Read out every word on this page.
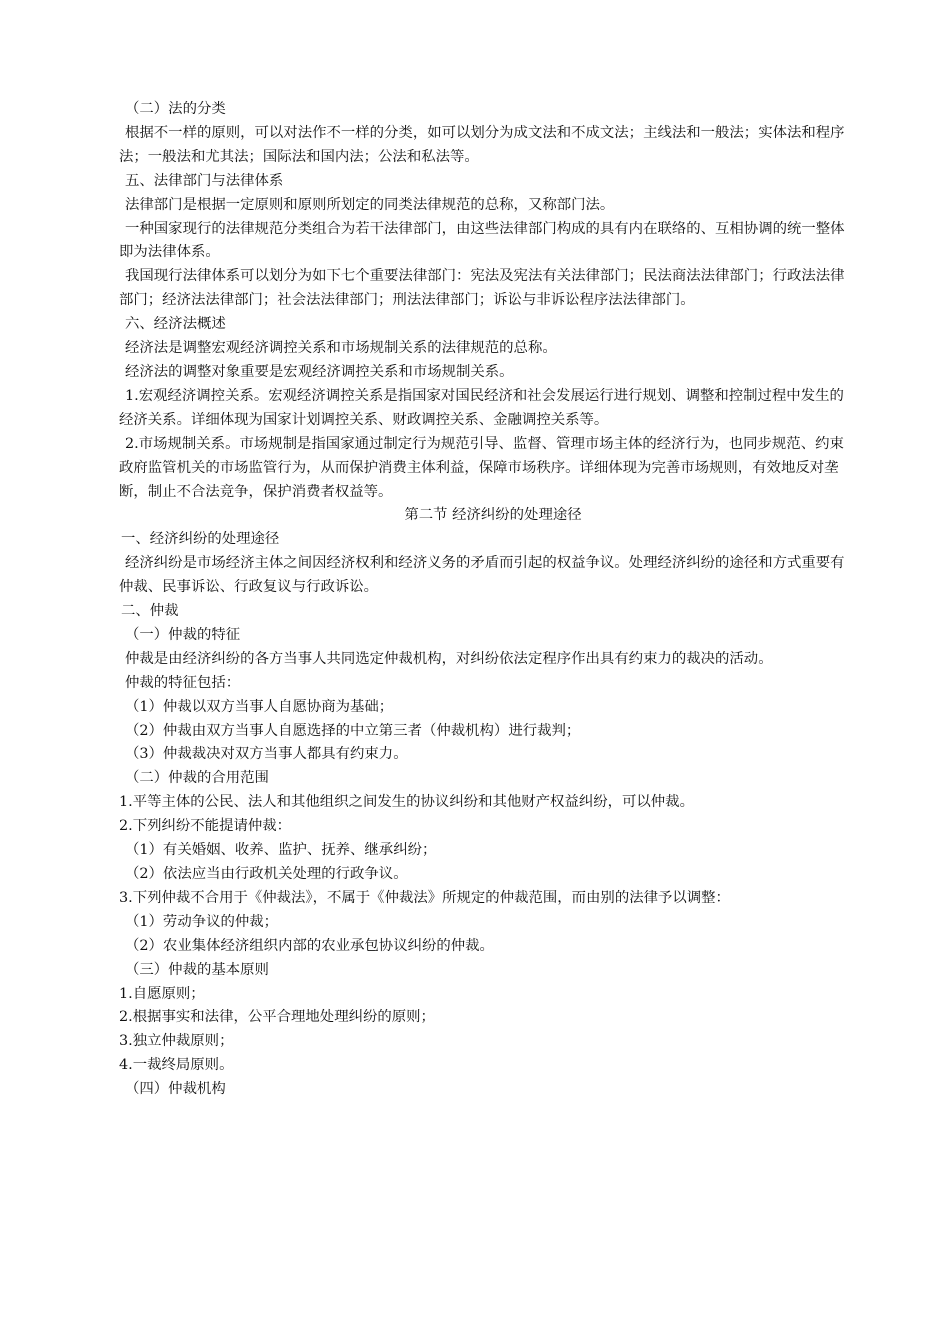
（二）法的分类

根据不一样的原则，可以对法作不一样的分类，如可以划分为成文法和不成文法；主线法和一般法；实体法和程序法；一般法和尤其法；国际法和国内法；公法和私法等。

五、法律部门与法律体系

法律部门是根据一定原则和原则所划定的同类法律规范的总称，又称部门法。

一种国家现行的法律规范分类组合为若干法律部门，由这些法律部门构成的具有内在联络的、互相协调的统一整体即为法律体系。

我国现行法律体系可以划分为如下七个重要法律部门：宪法及宪法有关法律部门；民法商法法律部门；行政法法律部门；经济法法律部门；社会法法律部门；刑法法律部门；诉讼与非诉讼程序法法律部门。

六、经济法概述

经济法是调整宏观经济调控关系和市场规制关系的法律规范的总称。

经济法的调整对象重要是宏观经济调控关系和市场规制关系。

1.宏观经济调控关系。宏观经济调控关系是指国家对国民经济和社会发展运行进行规划、调整和控制过程中发生的经济关系。详细体现为国家计划调控关系、财政调控关系、金融调控关系等。

2.市场规制关系。市场规制是指国家通过制定行为规范引导、监督、管理市场主体的经济行为，也同步规范、约束政府监管机关的市场监管行为，从而保护消费主体利益，保障市场秩序。详细体现为完善市场规则，有效地反对垄断，制止不合法竞争，保护消费者权益等。

第二节 经济纠纷的处理途径

一、经济纠纷的处理途径

经济纠纷是市场经济主体之间因经济权利和经济义务的矛盾而引起的权益争议。处理经济纠纷的途径和方式重要有仲裁、民事诉讼、行政复议与行政诉讼。

二、仲裁

（一）仲裁的特征

仲裁是由经济纠纷的各方当事人共同选定仲裁机构，对纠纷依法定程序作出具有约束力的裁决的活动。

仲裁的特征包括：

（1）仲裁以双方当事人自愿协商为基础；

（2）仲裁由双方当事人自愿选择的中立第三者（仲裁机构）进行裁判；

（3）仲裁裁决对双方当事人都具有约束力。

（二）仲裁的合用范围

1.平等主体的公民、法人和其他组织之间发生的协议纠纷和其他财产权益纠纷，可以仲裁。

2.下列纠纷不能提请仲裁：

（1）有关婚姻、收养、监护、抚养、继承纠纷；

（2）依法应当由行政机关处理的行政争议。

3.下列仲裁不合用于《仲裁法》，不属于《仲裁法》所规定的仲裁范围，而由别的法律予以调整：

（1）劳动争议的仲裁；

（2）农业集体经济组织内部的农业承包协议纠纷的仲裁。

（三）仲裁的基本原则

1.自愿原则；

2.根据事实和法律，公平合理地处理纠纷的原则；

3.独立仲裁原则；

4.一裁终局原则。

（四）仲裁机构
